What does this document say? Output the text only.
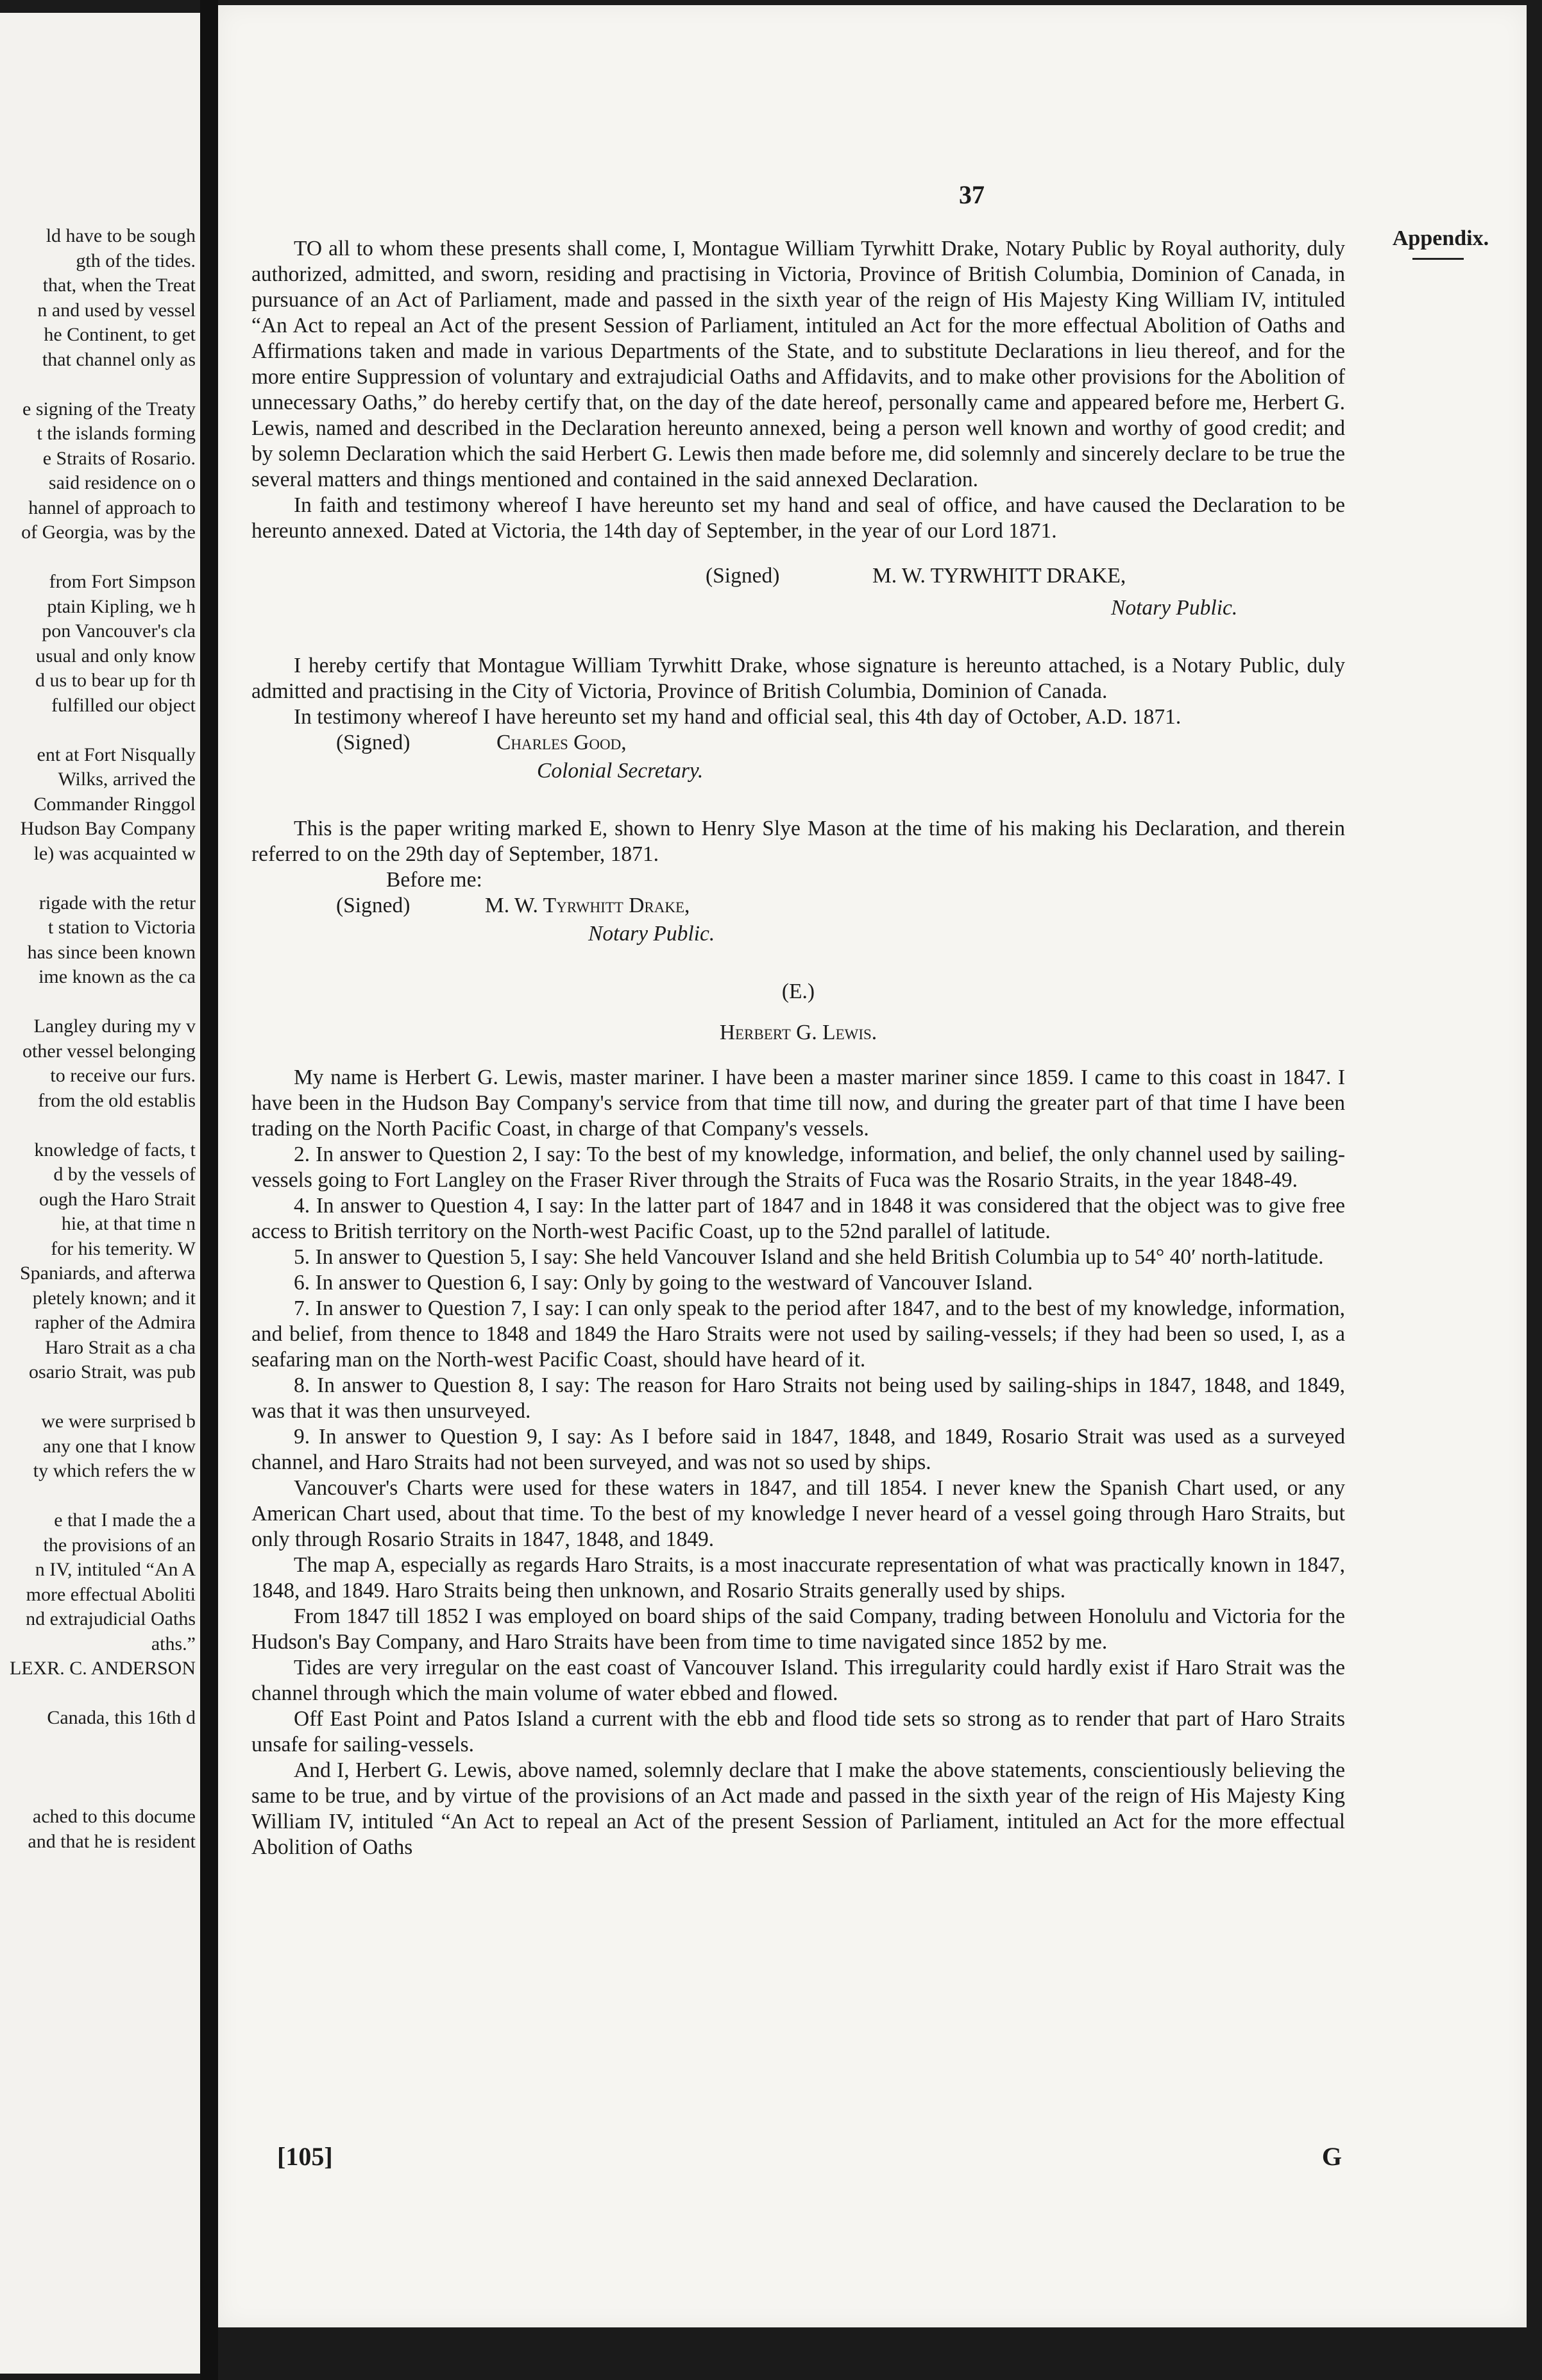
ld have to be sough
gth of the tides.
that, when the Treat
n and used by vessel
he Continent, to get
that channel only as
e signing of the Treaty
t the islands forming
e Straits of Rosario.
said residence on o
hannel of approach to
of Georgia, was by the
from Fort Simpson
ptain Kipling, we h
pon Vancouver's cla
usual and only know
d us to bear up for th
fulfilled our object
ent at Fort Nisqually
Wilks, arrived the
Commander Ringgol
Hudson Bay Company
le) was acquainted w
rigade with the retur
t station to Victoria
has since been known
ime known as the ca
Langley during my v
other vessel belonging
to receive our furs.
from the old establis
knowledge of facts, t
d by the vessels of
ough the Haro Strait
hie, at that time n
for his temerity. W
Spaniards, and afterwa
pletely known; and it
rapher of the Admira
Haro Strait as a cha
osario Strait, was pub
we were surprised b
any one that I know
ty which refers the w
e that I made the a
the provisions of an
n IV, intituled “An A
more effectual Aboliti
nd extrajudicial Oaths
aths.”
LEXR. C. ANDERSON
Canada, this 16th d
ached to this docume
and that he is resident
37
Appendix.

TO all to whom these presents shall come, I, Montague William Tyrwhitt Drake, Notary Public by Royal authority, duly authorized, admitted, and sworn, residing and practising in Victoria, Province of British Columbia, Dominion of Canada, in pursuance of an Act of Parliament, made and passed in the sixth year of the reign of His Majesty King William IV, intituled “An Act to repeal an Act of the present Session of Parliament, intituled an Act for the more effectual Abolition of Oaths and Affirmations taken and made in various Departments of the State, and to substitute Declarations in lieu thereof, and for the more entire Suppression of voluntary and extrajudicial Oaths and Affidavits, and to make other provisions for the Abolition of unnecessary Oaths,” do hereby certify that, on the day of the date hereof, personally came and appeared before me, Herbert G. Lewis, named and described in the Declaration hereunto annexed, being a person well known and worthy of good credit; and by solemn Declaration which the said Herbert G. Lewis then made before me, did solemnly and sincerely declare to be true the several matters and things mentioned and contained in the said annexed Declaration.

In faith and testimony whereof I have hereunto set my hand and seal of office, and have caused the Declaration to be hereunto annexed. Dated at Victoria, the 14th day of September, in the year of our Lord 1871.

(Signed)	M. W. TYRWHITT DRAKE,
Notary Public.

I hereby certify that Montague William Tyrwhitt Drake, whose signature is hereunto attached, is a Notary Public, duly admitted and practising in the City of Victoria, Province of British Columbia, Dominion of Canada.

In testimony whereof I have hereunto set my hand and official seal, this 4th day of October, A.D. 1871.

(Signed)	Charles Good,
Colonial Secretary.

This is the paper writing marked E, shown to Henry Slye Mason at the time of his making his Declaration, and therein referred to on the 29th day of September, 1871.

Before me:
(Signed)	M. W. Tyrwhitt Drake,
Notary Public.

(E.)

Herbert G. Lewis.

My name is Herbert G. Lewis, master mariner. I have been a master mariner since 1859. I came to this coast in 1847. I have been in the Hudson Bay Company's service from that time till now, and during the greater part of that time I have been trading on the North Pacific Coast, in charge of that Company's vessels.

2. In answer to Question 2, I say: To the best of my knowledge, information, and belief, the only channel used by sailing-vessels going to Fort Langley on the Fraser River through the Straits of Fuca was the Rosario Straits, in the year 1848-49.

4. In answer to Question 4, I say: In the latter part of 1847 and in 1848 it was considered that the object was to give free access to British territory on the North-west Pacific Coast, up to the 52nd parallel of latitude.

5. In answer to Question 5, I say: She held Vancouver Island and she held British Columbia up to 54° 40′ north-latitude.

6. In answer to Question 6, I say: Only by going to the westward of Vancouver Island.

7. In answer to Question 7, I say: I can only speak to the period after 1847, and to the best of my knowledge, information, and belief, from thence to 1848 and 1849 the Haro Straits were not used by sailing-vessels; if they had been so used, I, as a seafaring man on the North-west Pacific Coast, should have heard of it.

8. In answer to Question 8, I say: The reason for Haro Straits not being used by sailing-ships in 1847, 1848, and 1849, was that it was then unsurveyed.

9. In answer to Question 9, I say: As I before said in 1847, 1848, and 1849, Rosario Strait was used as a surveyed channel, and Haro Straits had not been surveyed, and was not so used by ships.

Vancouver's Charts were used for these waters in 1847, and till 1854. I never knew the Spanish Chart used, or any American Chart used, about that time. To the best of my knowledge I never heard of a vessel going through Haro Straits, but only through Rosario Straits in 1847, 1848, and 1849.

The map A, especially as regards Haro Straits, is a most inaccurate representation of what was practically known in 1847, 1848, and 1849. Haro Straits being then unknown, and Rosario Straits generally used by ships.

From 1847 till 1852 I was employed on board ships of the said Company, trading between Honolulu and Victoria for the Hudson's Bay Company, and Haro Straits have been from time to time navigated since 1852 by me.

Tides are very irregular on the east coast of Vancouver Island. This irregularity could hardly exist if Haro Strait was the channel through which the main volume of water ebbed and flowed.

Off East Point and Patos Island a current with the ebb and flood tide sets so strong as to render that part of Haro Straits unsafe for sailing-vessels.

And I, Herbert G. Lewis, above named, solemnly declare that I make the above statements, conscientiously believing the same to be true, and by virtue of the provisions of an Act made and passed in the sixth year of the reign of His Majesty King William IV, intituled “An Act to repeal an Act of the present Session of Parliament, intituled an Act for the more effectual Abolition of Oaths

[105]	G
